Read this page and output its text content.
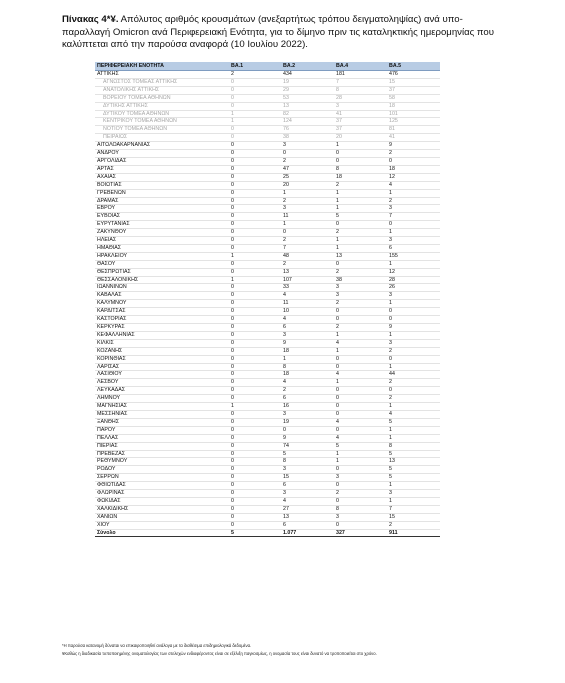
Πίνακας 4*¥. Απόλυτος αριθμός κρουσμάτων (ανεξαρτήτως τρόπου δειγματοληψίας) ανά υπο-παραλλαγή Omicron ανά Περιφερειακή Ενότητα, για το δίμηνο πριν τις καταληκτικής ημερομηνίας που καλύπτεται από την παρούσα αναφορά (10 Ιουλίου 2022).
ΠΕΡΙΦΕΡΕΙΑΚΗ ΕΝΟΤΗΤΑ	BA.1	BA.2	BA.4	BA.5
ΑΤΤΙΚΗΣ	2	434	181	476
ΑΓΝΩΣΤΟΣ ΤΟΜΕΑΣ ΑΤΤΙΚΗΣ	0	19	7	15
ΑΝΑΤΟΛΙΚΗΣ ΑΤΤΙΚΗΣ	0	29	8	37
ΒΟΡΕΙΟΥ ΤΟΜΕΑ ΑΘΗΝΩΝ	0	53	28	58
ΔΥΤΙΚΗΣ ΑΤΤΙΚΗΣ	0	13	3	18
ΔΥΤΙΚΟΥ ΤΟΜΕΑ ΑΘΗΝΩΝ	1	82	41	101
ΚΕΝΤΡΙΚΟΥ ΤΟΜΕΑ ΑΘΗΝΩΝ	1	124	37	125
ΝΟΤΙΟΥ ΤΟΜΕΑ ΑΘΗΝΩΝ	0	76	37	81
ΠΕΙΡΑΙΩΣ	0	38	20	41
ΑΙΤΩΛΟΑΚΑΡΝΑΝΙΑΣ	0	3	1	9
ΑΝΔΡΟΥ	0	0	0	2
ΑΡΓΟΛΙΔΑΣ	0	2	0	0
ΑΡΤΑΣ	0	47	8	18
ΑΧΑΪΑΣ	0	25	18	12
ΒΟΙΩΤΙΑΣ	0	20	2	4
ΓΡΕΒΕΝΩΝ	0	1	1	1
ΔΡΑΜΑΣ	0	2	1	2
ΕΒΡΟΥ	0	3	1	3
ΕΥΒΟΙΑΣ	0	11	5	7
ΕΥΡΥΤΑΝΙΑΣ	0	1	0	0
ΖΑΚΥΝΘΟΥ	0	0	2	1
ΗΛΕΙΑΣ	0	2	1	3
ΗΜΑΘΙΑΣ	0	7	1	6
ΗΡΑΚΛΕΙΟΥ	1	48	13	155
ΘΑΣΟΥ	0	2	0	1
ΘΕΣΠΡΩΤΙΑΣ	0	13	2	12
ΘΕΣΣΑΛΟΝΙΚΗΣ	1	107	38	28
ΙΩΑΝΝΙΝΩΝ	0	33	3	26
ΚΑΒΑΛΑΣ	0	4	3	3
ΚΑΛΥΜΝΟΥ	0	11	2	1
ΚΑΡΔΙΤΣΑΣ	0	10	0	0
ΚΑΣΤΟΡΙΑΣ	0	4	0	0
ΚΕΡΚΥΡΑΣ	0	6	2	9
ΚΕΦΑΛΛΗΝΙΑΣ	0	3	1	1
ΚΙΛΚΙΣ	0	9	4	3
ΚΟΖΑΝΗΣ	0	18	1	2
ΚΟΡΙΝΘΙΑΣ	0	1	0	0
ΛΑΡΙΣΑΣ	0	8	0	1
ΛΑΣΙΘΙΟΥ	0	18	4	44
ΛΕΣΒΟΥ	0	4	1	2
ΛΕΥΚΑΔΑΣ	0	2	0	0
ΛΗΜΝΟΥ	0	6	0	2
ΜΑΓΝΗΣΙΑΣ	1	16	0	1
ΜΕΣΣΗΝΙΑΣ	0	3	0	4
ΞΑΝΘΗΣ	0	19	4	5
ΠΑΡΟΥ	0	0	0	1
ΠΕΛΛΑΣ	0	9	4	1
ΠΙΕΡΙΑΣ	0	74	5	8
ΠΡΕΒΕΖΑΣ	0	5	1	5
ΡΕΘΥΜΝΟΥ	0	8	1	13
ΡΟΔΟΥ	0	3	0	5
ΣΕΡΡΩΝ	0	15	3	5
ΦΘΙΩΤΙΔΑΣ	0	6	0	1
ΦΛΩΡΙΝΑΣ	0	3	2	3
ΦΩΚΙΔΑΣ	0	4	0	1
ΧΑΛΚΙΔΙΚΗΣ	0	27	8	7
ΧΑΝΙΩΝ	0	13	3	15
ΧΙΟΥ	0	6	0	2
Σύνολο	5	1.077	327	911
*Η παρούσα κατανομή δύναται να επικαιροποιηθεί ανάλογα με τα διαθέσιμα επιδημιολογικά δεδομένα.
¥Καθώς η διαδικασία τυποποιημένης ονοματολογίας των στελεχών ενδιαφέροντος είναι σε εξέλιξη παγκοσμίως, η ονομασία τους είναι δυνατό να τροποποιείται στο χρόνο.
